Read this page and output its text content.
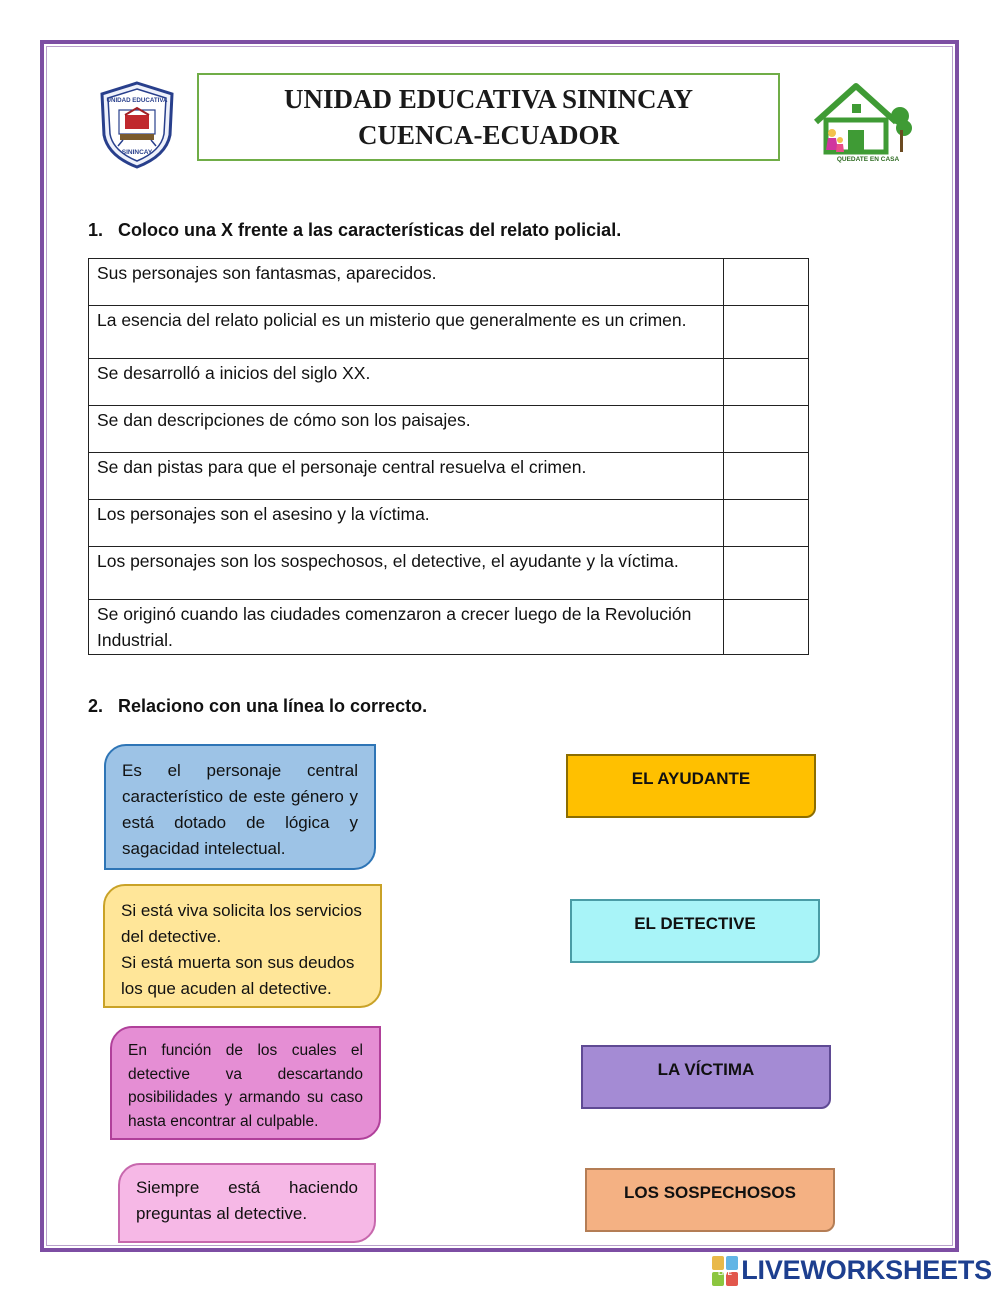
UNIDAD EDUCATIVA
SININCAY
UNIDAD EDUCATIVA SININCAY
CUENCA-ECUADOR
QUEDATE EN CASA
1. Coloco una X frente a las características del relato policial.
Sus personajes son fantasmas, aparecidos.	
La esencia del relato policial es un misterio que generalmente es un crimen.	
Se desarrolló a inicios del siglo XX.	
Se dan descripciones de cómo son los paisajes.	
Se dan pistas para que el personaje central resuelva el crimen.	
Los personajes son el asesino y la víctima.	
Los personajes son los sospechosos, el detective, el ayudante y la víctima.	
Se originó cuando las ciudades comenzaron a crecer luego de la Revolución Industrial.	
2. Relaciono con una línea lo correcto.
Es el personaje central característico de este género y está dotado de lógica y sagacidad intelectual.
Si está viva solicita los servicios del detective.
Si está muerta son sus deudos los que acuden al detective.
En función de los cuales el detective va descartando posibilidades y armando su caso hasta encontrar al culpable.
Siempre está haciendo preguntas al detective.
EL AYUDANTE
EL DETECTIVE
LA VÍCTIMA
LOS SOSPECHOSOS
LIVE LIVEWORKSHEETS
